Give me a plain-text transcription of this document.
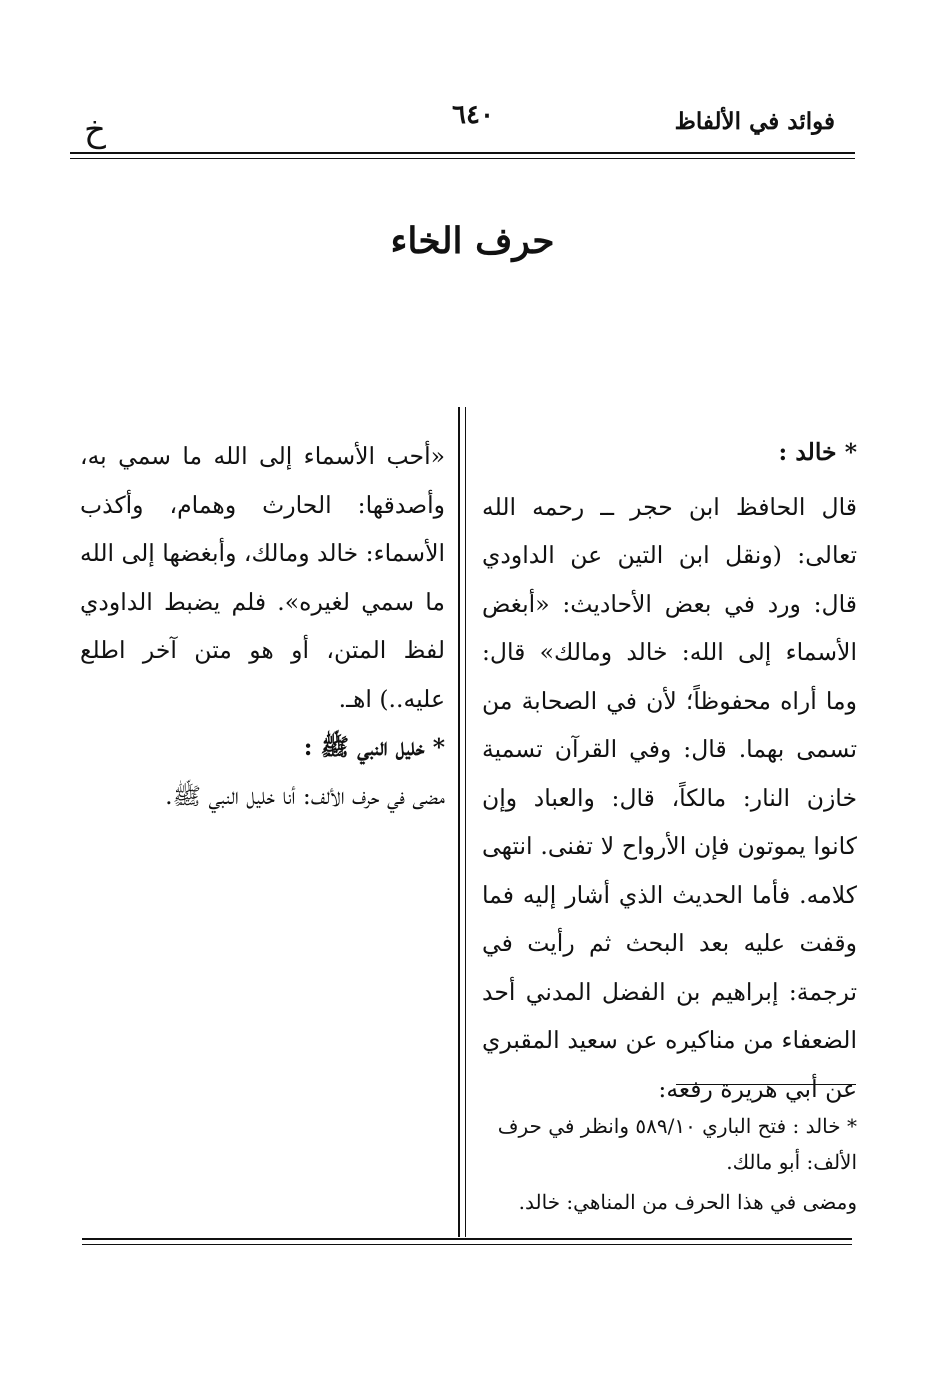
خ	٦٤٠	فوائد في الألفاظ
حرف الخاء

* خالد :

قال الحافظ ابن حجر ــ رحمه الله تعالى: (ونقل ابن التين عن الداودي قال: ورد في بعض الأحاديث: «أبغض الأسماء إلى الله: خالد ومالك» قال: وما أراه محفوظاً؛ لأن في الصحابة من تسمى بهما. قال: وفي القرآن تسمية خازن النار: مالكاً، قال: والعباد وإن كانوا يموتون فإن الأرواح لا تفنى. انتهى كلامه. فأما الحديث الذي أشار إليه فما وقفت عليه بعد البحث ثم رأيت في ترجمة: إبراهيم بن الفضل المدني أحد الضعفاء من مناكيره عن سعيد المقبري عن أبي هريرة رفعه:

«أحب الأسماء إلى الله ما سمي به، وأصدقها: الحارث وهمام، وأكذب الأسماء: خالد ومالك، وأبغضها إلى الله ما سمي لغيره». فلم يضبط الداودي لفظ المتن، أو هو متن آخر اطلع عليه..) اهـ.

* خليل النبي ﷺ :

مضى في حرف الألف: أنا خليل النبي ﷺ.

* خالد : فتح الباري ٥٨٩/١٠ وانظر في حرف الألف: أبو مالك.

ومضى في هذا الحرف من المناهي: خالد.
